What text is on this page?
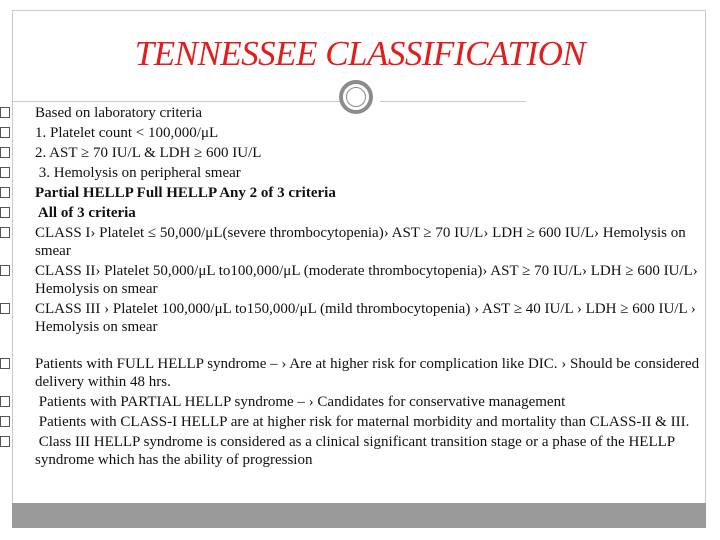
TENNESSEE CLASSIFICATION
Based on laboratory criteria
1. Platelet count < 100,000/μL
2. AST ≥ 70 IU/L & LDH ≥ 600 IU/L
3. Hemolysis on peripheral smear
Partial HELLP Full HELLP Any 2 of 3 criteria
All of 3 criteria
CLASS I› Platelet ≤ 50,000/μL(severe thrombocytopenia)› AST ≥ 70 IU/L› LDH ≥ 600 IU/L› Hemolysis on smear
CLASS II› Platelet 50,000/μL to100,000/μL (moderate thrombocytopenia)› AST ≥ 70 IU/L› LDH ≥ 600 IU/L› Hemolysis on smear
CLASS III › Platelet 100,000/μL to150,000/μL (mild thrombocytopenia) › AST ≥ 40 IU/L › LDH ≥ 600 IU/L › Hemolysis on smear
Patients with FULL HELLP syndrome – › Are at higher risk for complication like DIC. › Should be considered delivery within 48 hrs.
Patients with PARTIAL HELLP syndrome – › Candidates for conservative management
Patients with CLASS-I HELLP are at higher risk for maternal morbidity and mortality than CLASS-II & III.
Class III HELLP syndrome is considered as a clinical significant transition stage or a phase of the HELLP syndrome which has the ability of progression
